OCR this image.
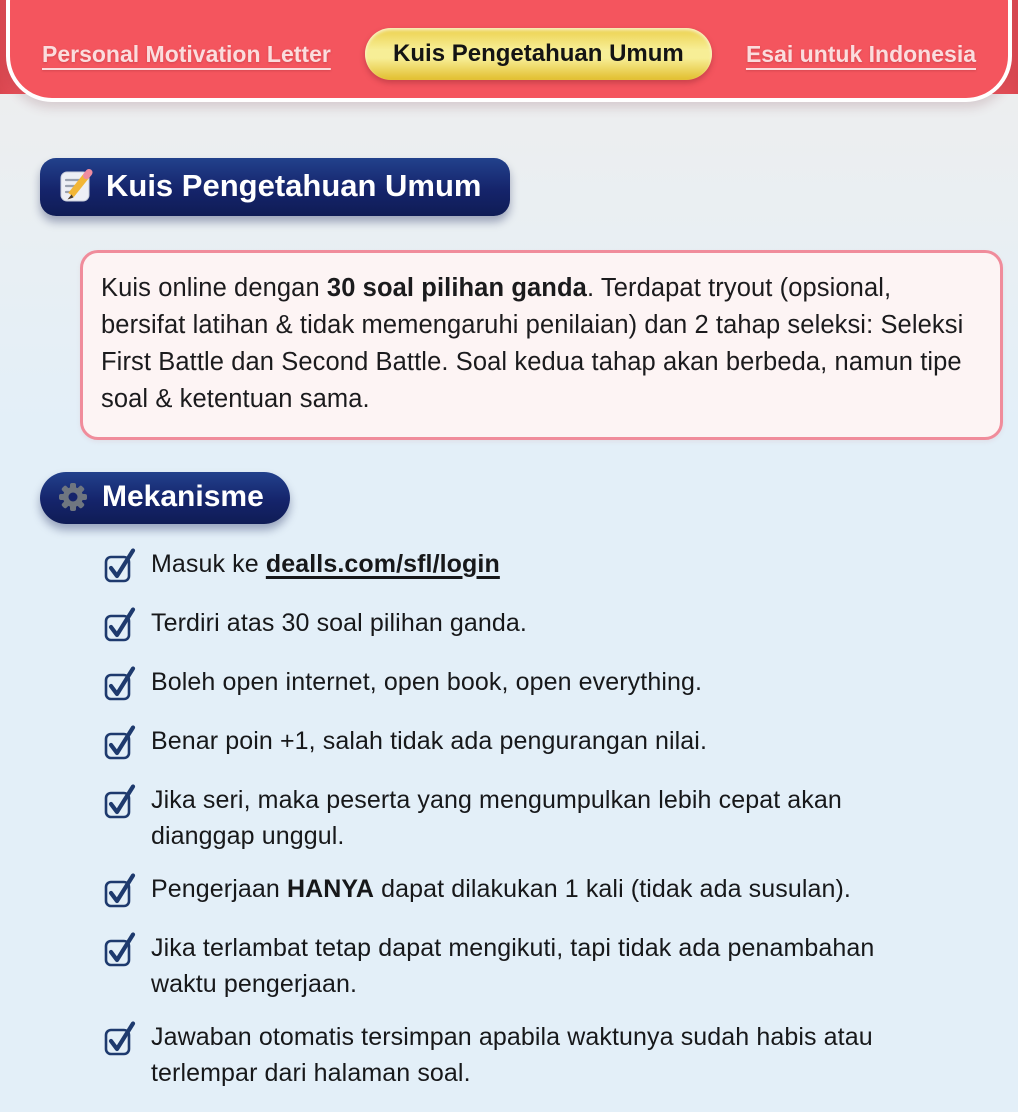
Personal Motivation Letter	Kuis Pengetahuan Umum	Esai untuk Indonesia
Kuis Pengetahuan Umum

Kuis online dengan 30 soal pilihan ganda. Terdapat tryout (opsional, bersifat latihan & tidak memengaruhi penilaian) dan 2 tahap seleksi: Seleksi First Battle dan Second Battle. Soal kedua tahap akan berbeda, namun tipe soal & ketentuan sama.

Mekanisme

Masuk ke dealls.com/sfl/login

Terdiri atas 30 soal pilihan ganda.

Boleh open internet, open book, open everything.

Benar poin +1, salah tidak ada pengurangan nilai.

Jika seri, maka peserta yang mengumpulkan lebih cepat akan dianggap unggul.

Pengerjaan HANYA dapat dilakukan 1 kali (tidak ada susulan).

Jika terlambat tetap dapat mengikuti, tapi tidak ada penambahan waktu pengerjaan.

Jawaban otomatis tersimpan apabila waktunya sudah habis atau terlempar dari halaman soal.
